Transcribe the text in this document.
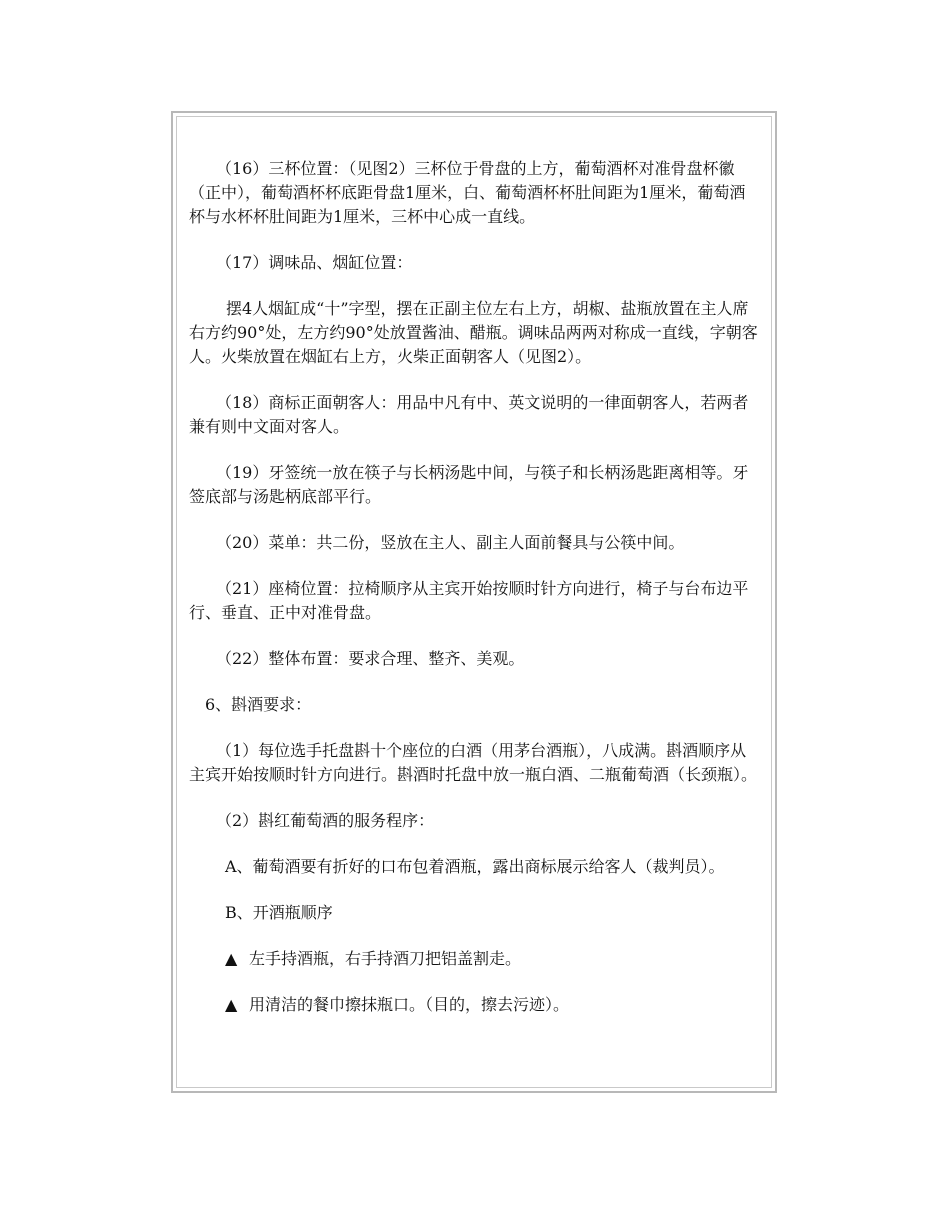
（16）三杯位置：（见图2）三杯位于骨盘的上方，葡萄酒杯对准骨盘杯徽（正中），葡萄酒杯杯底距骨盘1厘米，白、葡萄酒杯杯肚间距为1厘米，葡萄酒杯与水杯杯肚间距为1厘米，三杯中心成一直线。

（17）调味品、烟缸位置：

摆4人烟缸成“十”字型，摆在正副主位左右上方，胡椒、盐瓶放置在主人席右方约90°处，左方约90°处放置酱油、醋瓶。调味品两两对称成一直线，字朝客人。火柴放置在烟缸右上方，火柴正面朝客人（见图2）。

（18）商标正面朝客人：用品中凡有中、英文说明的一律面朝客人，若两者兼有则中文面对客人。

（19）牙签统一放在筷子与长柄汤匙中间，与筷子和长柄汤匙距离相等。牙签底部与汤匙柄底部平行。

（20）菜单：共二份，竖放在主人、副主人面前餐具与公筷中间。

（21）座椅位置：拉椅顺序从主宾开始按顺时针方向进行，椅子与台布边平行、垂直、正中对准骨盘。

（22）整体布置：要求合理、整齐、美观。

6、斟酒要求：

（1）每位选手托盘斟十个座位的白酒（用茅台酒瓶），八成满。斟酒顺序从主宾开始按顺时针方向进行。斟酒时托盘中放一瓶白酒、二瓶葡萄酒（长颈瓶）。

（2）斟红葡萄酒的服务程序：

A、葡萄酒要有折好的口布包着酒瓶，露出商标展示给客人（裁判员）。

B、开酒瓶顺序

▲ 左手持酒瓶，右手持酒刀把铝盖割走。
▲ 用清洁的餐巾擦抹瓶口。（目的，擦去污迹）。
